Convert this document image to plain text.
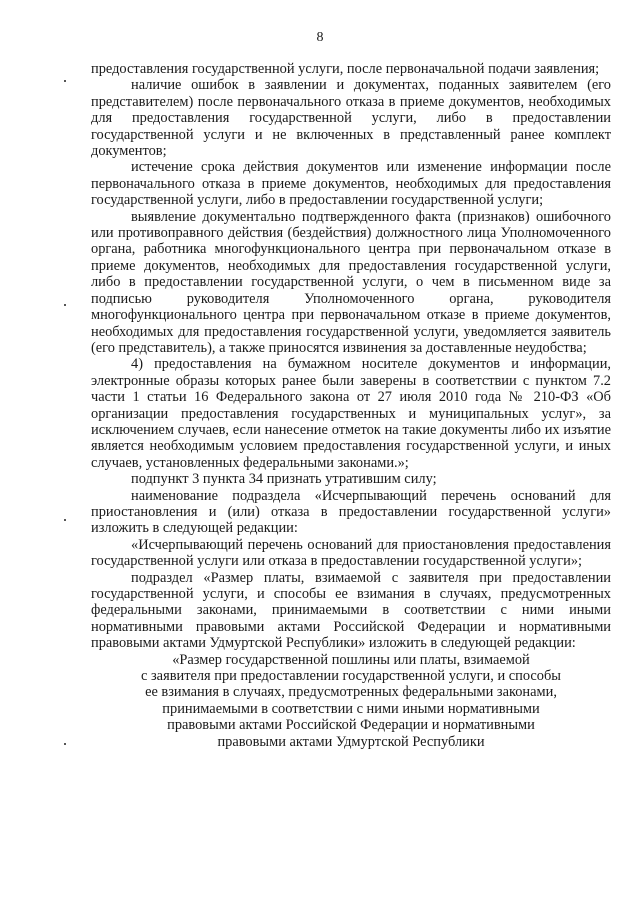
8

предоставления государственной услуги, после первоначальной подачи заявления;

наличие ошибок в заявлении и документах, поданных заявителем (его представителем) после первоначального отказа в приеме документов, необходимых для предоставления государственной услуги, либо в предоставлении государственной услуги и не включенных в представленный ранее комплект документов;

истечение срока действия документов или изменение информации после первоначального отказа в приеме документов, необходимых для предоставления государственной услуги, либо в предоставлении государственной услуги;

выявление документально подтвержденного факта (признаков) ошибочного или противоправного действия (бездействия) должностного лица Уполномоченного органа, работника многофункционального центра при первоначальном отказе в приеме документов, необходимых для предоставления государственной услуги, либо в предоставлении государственной услуги, о чем в письменном виде за подписью руководителя Уполномоченного органа, руководителя многофункционального центра при первоначальном отказе в приеме документов, необходимых для предоставления государственной услуги, уведомляется заявитель (его представитель), а также приносятся извинения за доставленные неудобства;

4) предоставления на бумажном носителе документов и информации, электронные образы которых ранее были заверены в соответствии с пунктом 7.2 части 1 статьи 16 Федерального закона от 27 июля 2010 года № 210-ФЗ «Об организации предоставления государственных и муниципальных услуг», за исключением случаев, если нанесение отметок на такие документы либо их изъятие является необходимым условием предоставления государственной услуги, и иных случаев, установленных федеральными законами.»;

подпункт 3 пункта 34 признать утратившим силу;

наименование подраздела «Исчерпывающий перечень оснований для приостановления и (или) отказа в предоставлении государственной услуги» изложить в следующей редакции:

«Исчерпывающий перечень оснований для приостановления предоставления государственной услуги или отказа в предоставлении государственной услуги»;

подраздел «Размер платы, взимаемой с заявителя при предоставлении государственной услуги, и способы ее взимания в случаях, предусмотренных федеральными законами, принимаемыми в соответствии с ними иными нормативными правовыми актами Российской Федерации и нормативными правовыми актами Удмуртской Республики» изложить в следующей редакции:

«Размер государственной пошлины или платы, взимаемой

с заявителя при предоставлении государственной услуги, и способы

ее взимания в случаях, предусмотренных федеральными законами,

принимаемыми в соответствии с ними иными нормативными

правовыми актами Российской Федерации и нормативными

правовыми актами Удмуртской Республики
